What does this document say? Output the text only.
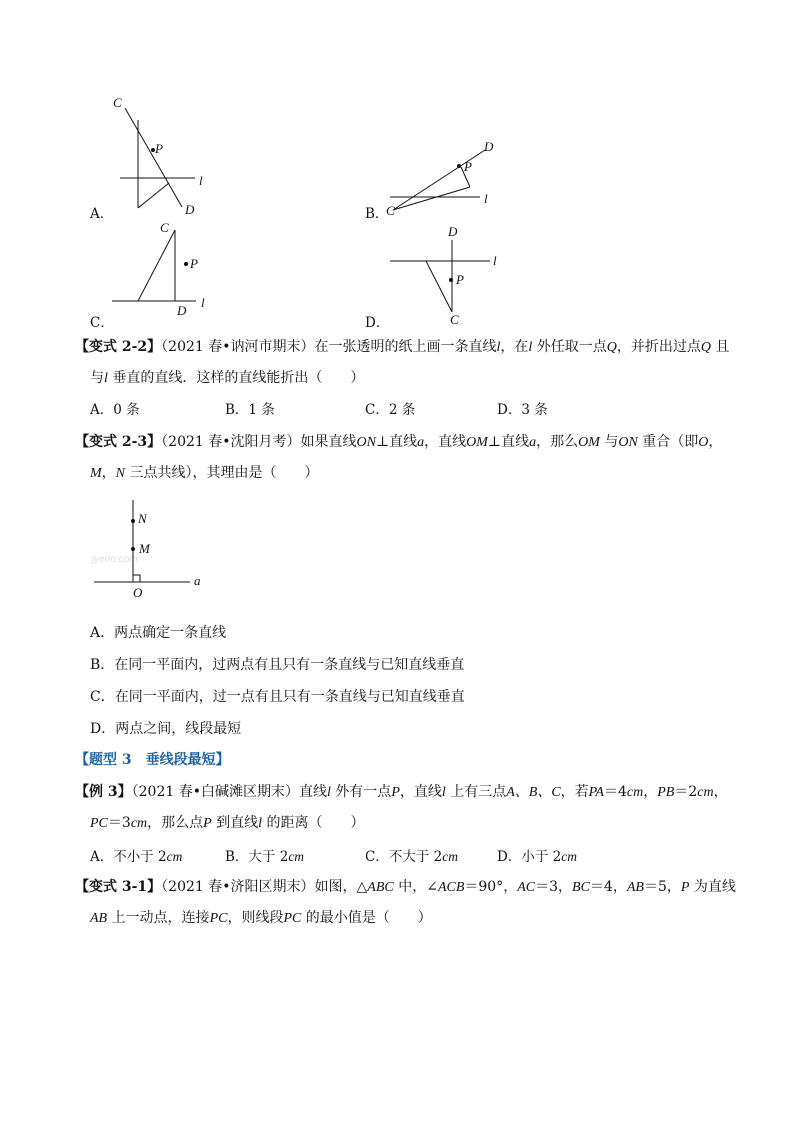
C
P
l
D
A．
D
P
C
l
B．
C
P
D
l
C．
D
l
P
C
D．
【变式 2-2】（2021 春•讷河市期末）在一张透明的纸上画一条直线l，在l 外任取一点Q，并折出过点Q 且
与l 垂直的直线．这样的直线能折出（　　）
A．0 条	B．1 条	C．2 条	D．3 条
【变式 2-3】（2021 春•沈阳月考）如果直线ON⊥直线a，直线OM⊥直线a，那么OM 与ON 重合（即O，
M，N 三点共线），其理由是（　　）
jyeoo.com
N
M
a
O
A．两点确定一条直线
B．在同一平面内，过两点有且只有一条直线与已知直线垂直
C．在同一平面内，过一点有且只有一条直线与已知直线垂直
D．两点之间，线段最短
【题型 3　垂线段最短】
【例 3】（2021 春•白碱滩区期末）直线l 外有一点P，直线l 上有三点A、B、C，若PA＝4cm，PB＝2cm，
PC＝3cm，那么点P 到直线l 的距离（　　）
A．不小于 2cm	B．大于 2cm	C．不大于 2cm	D．小于 2cm
【变式 3-1】（2021 春•济阳区期末）如图，△ABC 中，∠ACB＝90°，AC＝3，BC＝4，AB＝5，P 为直线
AB 上一动点，连接PC，则线段PC 的最小值是（　　）
